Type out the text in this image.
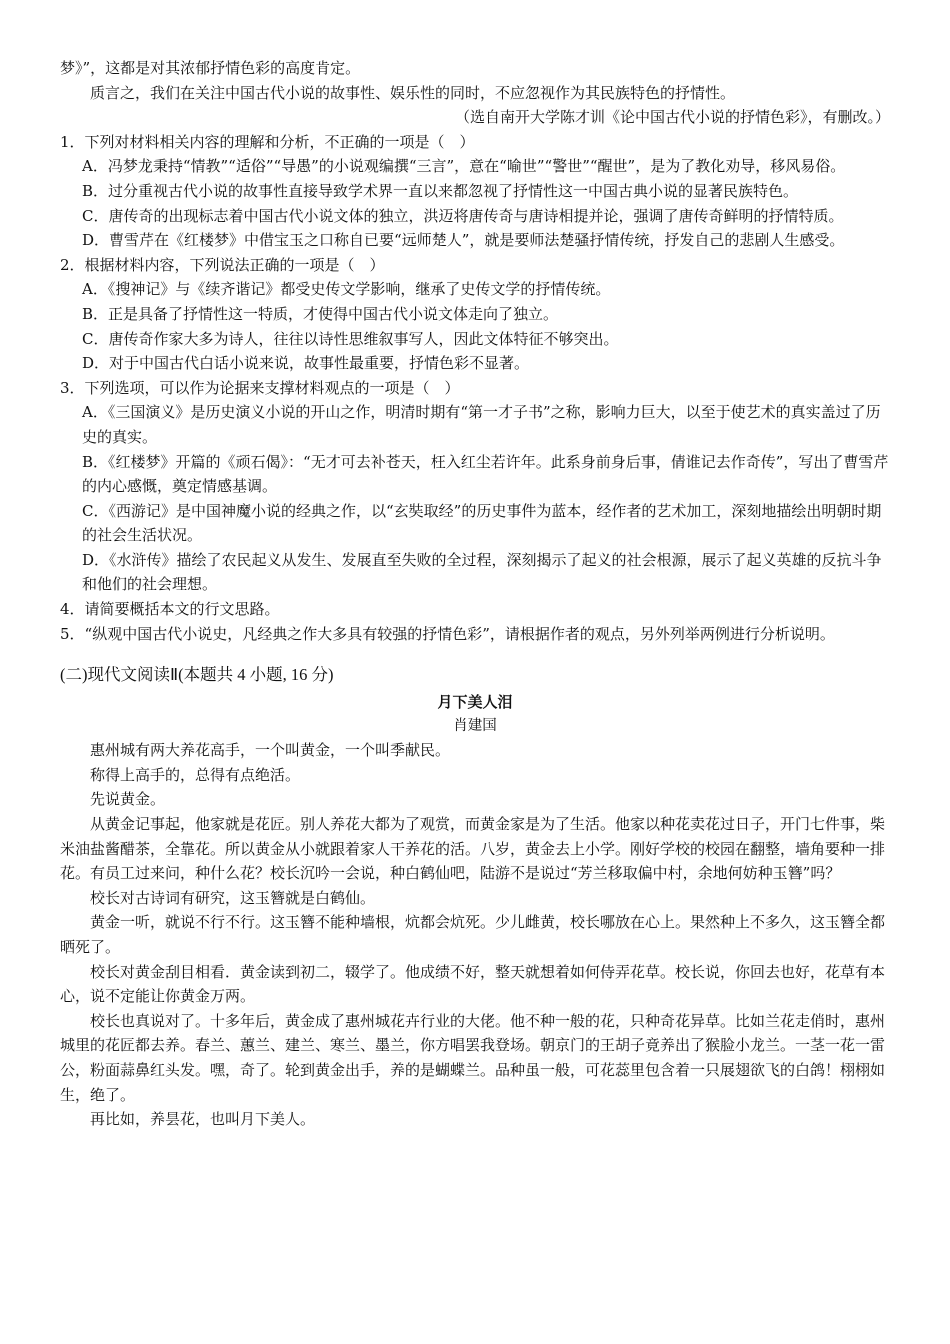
梦》”，这都是对其浓郁抒情色彩的高度肯定。
质言之，我们在关注中国古代小说的故事性、娱乐性的同时，不应忽视作为其民族特色的抒情性。
（选自南开大学陈才训《论中国古代小说的抒情色彩》，有删改。）
1．下列对材料相关内容的理解和分析，不正确的一项是（　）
A．冯梦龙秉持“情教”“适俗”“导愚”的小说观编撰“三言”，意在“喻世”“警世”“醒世”，是为了教化劝导，移风易俗。
B．过分重视古代小说的故事性直接导致学术界一直以来都忽视了抒情性这一中国古典小说的显著民族特色。
C．唐传奇的出现标志着中国古代小说文体的独立，洪迈将唐传奇与唐诗相提并论，强调了唐传奇鲜明的抒情特质。
D．曹雪芹在《红楼梦》中借宝玉之口称自已要“远师楚人”，就是要师法楚骚抒情传统，抒发自己的悲剧人生感受。
2．根据材料内容，下列说法正确的一项是（　）
A．《搜神记》与《续齐谐记》都受史传文学影响，继承了史传文学的抒情传统。
B．正是具备了抒情性这一特质，才使得中国古代小说文体走向了独立。
C．唐传奇作家大多为诗人，往往以诗性思维叙事写人，因此文体特征不够突出。
D．对于中国古代白话小说来说，故事性最重要，抒情色彩不显著。
3．下列选项，可以作为论据来支撑材料观点的一项是（　）
A．《三国演义》是历史演义小说的开山之作，明清时期有“第一才子书”之称，影响力巨大，以至于使艺术的真实盖过了历史的真实。
B．《红楼梦》开篇的《顽石偈》：“无才可去补苍天，枉入红尘若许年。此系身前身后事，倩谁记去作奇传”，写出了曹雪芹的内心感慨，奠定情感基调。
C．《西游记》是中国神魔小说的经典之作，以“玄奘取经”的历史事件为蓝本，经作者的艺术加工，深刻地描绘出明朝时期的社会生活状况。
D．《水浒传》描绘了农民起义从发生、发展直至失败的全过程，深刻揭示了起义的社会根源，展示了起义英雄的反抗斗争和他们的社会理想。
4．请简要概括本文的行文思路。
5．“纵观中国古代小说史，凡经典之作大多具有较强的抒情色彩”，请根据作者的观点，另外列举两例进行分析说明。
(二)现代文阅读Ⅱ(本题共 4 小题, 16 分)
月下美人泪
肖建国

惠州城有两大养花高手，一个叫黄金，一个叫季献民。

称得上高手的，总得有点绝活。

先说黄金。

从黄金记事起，他家就是花匠。别人养花大都为了观赏，而黄金家是为了生活。他家以种花卖花过日子，开门七件事，柴米油盐酱醋茶，全靠花。所以黄金从小就跟着家人干养花的活。八岁，黄金去上小学。刚好学校的校园在翻整，墙角要种一排花。有员工过来问，种什么花？校长沉吟一会说，种白鹤仙吧，陆游不是说过“芳兰移取偏中村，余地何妨种玉簪”吗？

校长对古诗词有研究，这玉簪就是白鹤仙。

黄金一听，就说不行不行。这玉簪不能种墙根，炕都会炕死。少儿雌黄，校长哪放在心上。果然种上不多久，这玉簪全都晒死了。

校长对黄金刮目相看．黄金读到初二，辍学了。他成绩不好，整天就想着如何侍弄花草。校长说，你回去也好，花草有本心，说不定能让你黄金万两。

校长也真说对了。十多年后，黄金成了惠州城花卉行业的大佬。他不种一般的花，只种奇花异草。比如兰花走俏时，惠州城里的花匠都去养。春兰、蕙兰、建兰、寒兰、墨兰，你方唱罢我登场。朝京门的王胡子竟养出了猴脸小龙兰。一茎一花一雷公，粉面蒜鼻红头发。嘿，奇了。轮到黄金出手，养的是蝴蝶兰。品种虽一般，可花蕊里包含着一只展翅欲飞的白鸽！栩栩如生，绝了。

再比如，养昙花，也叫月下美人。
